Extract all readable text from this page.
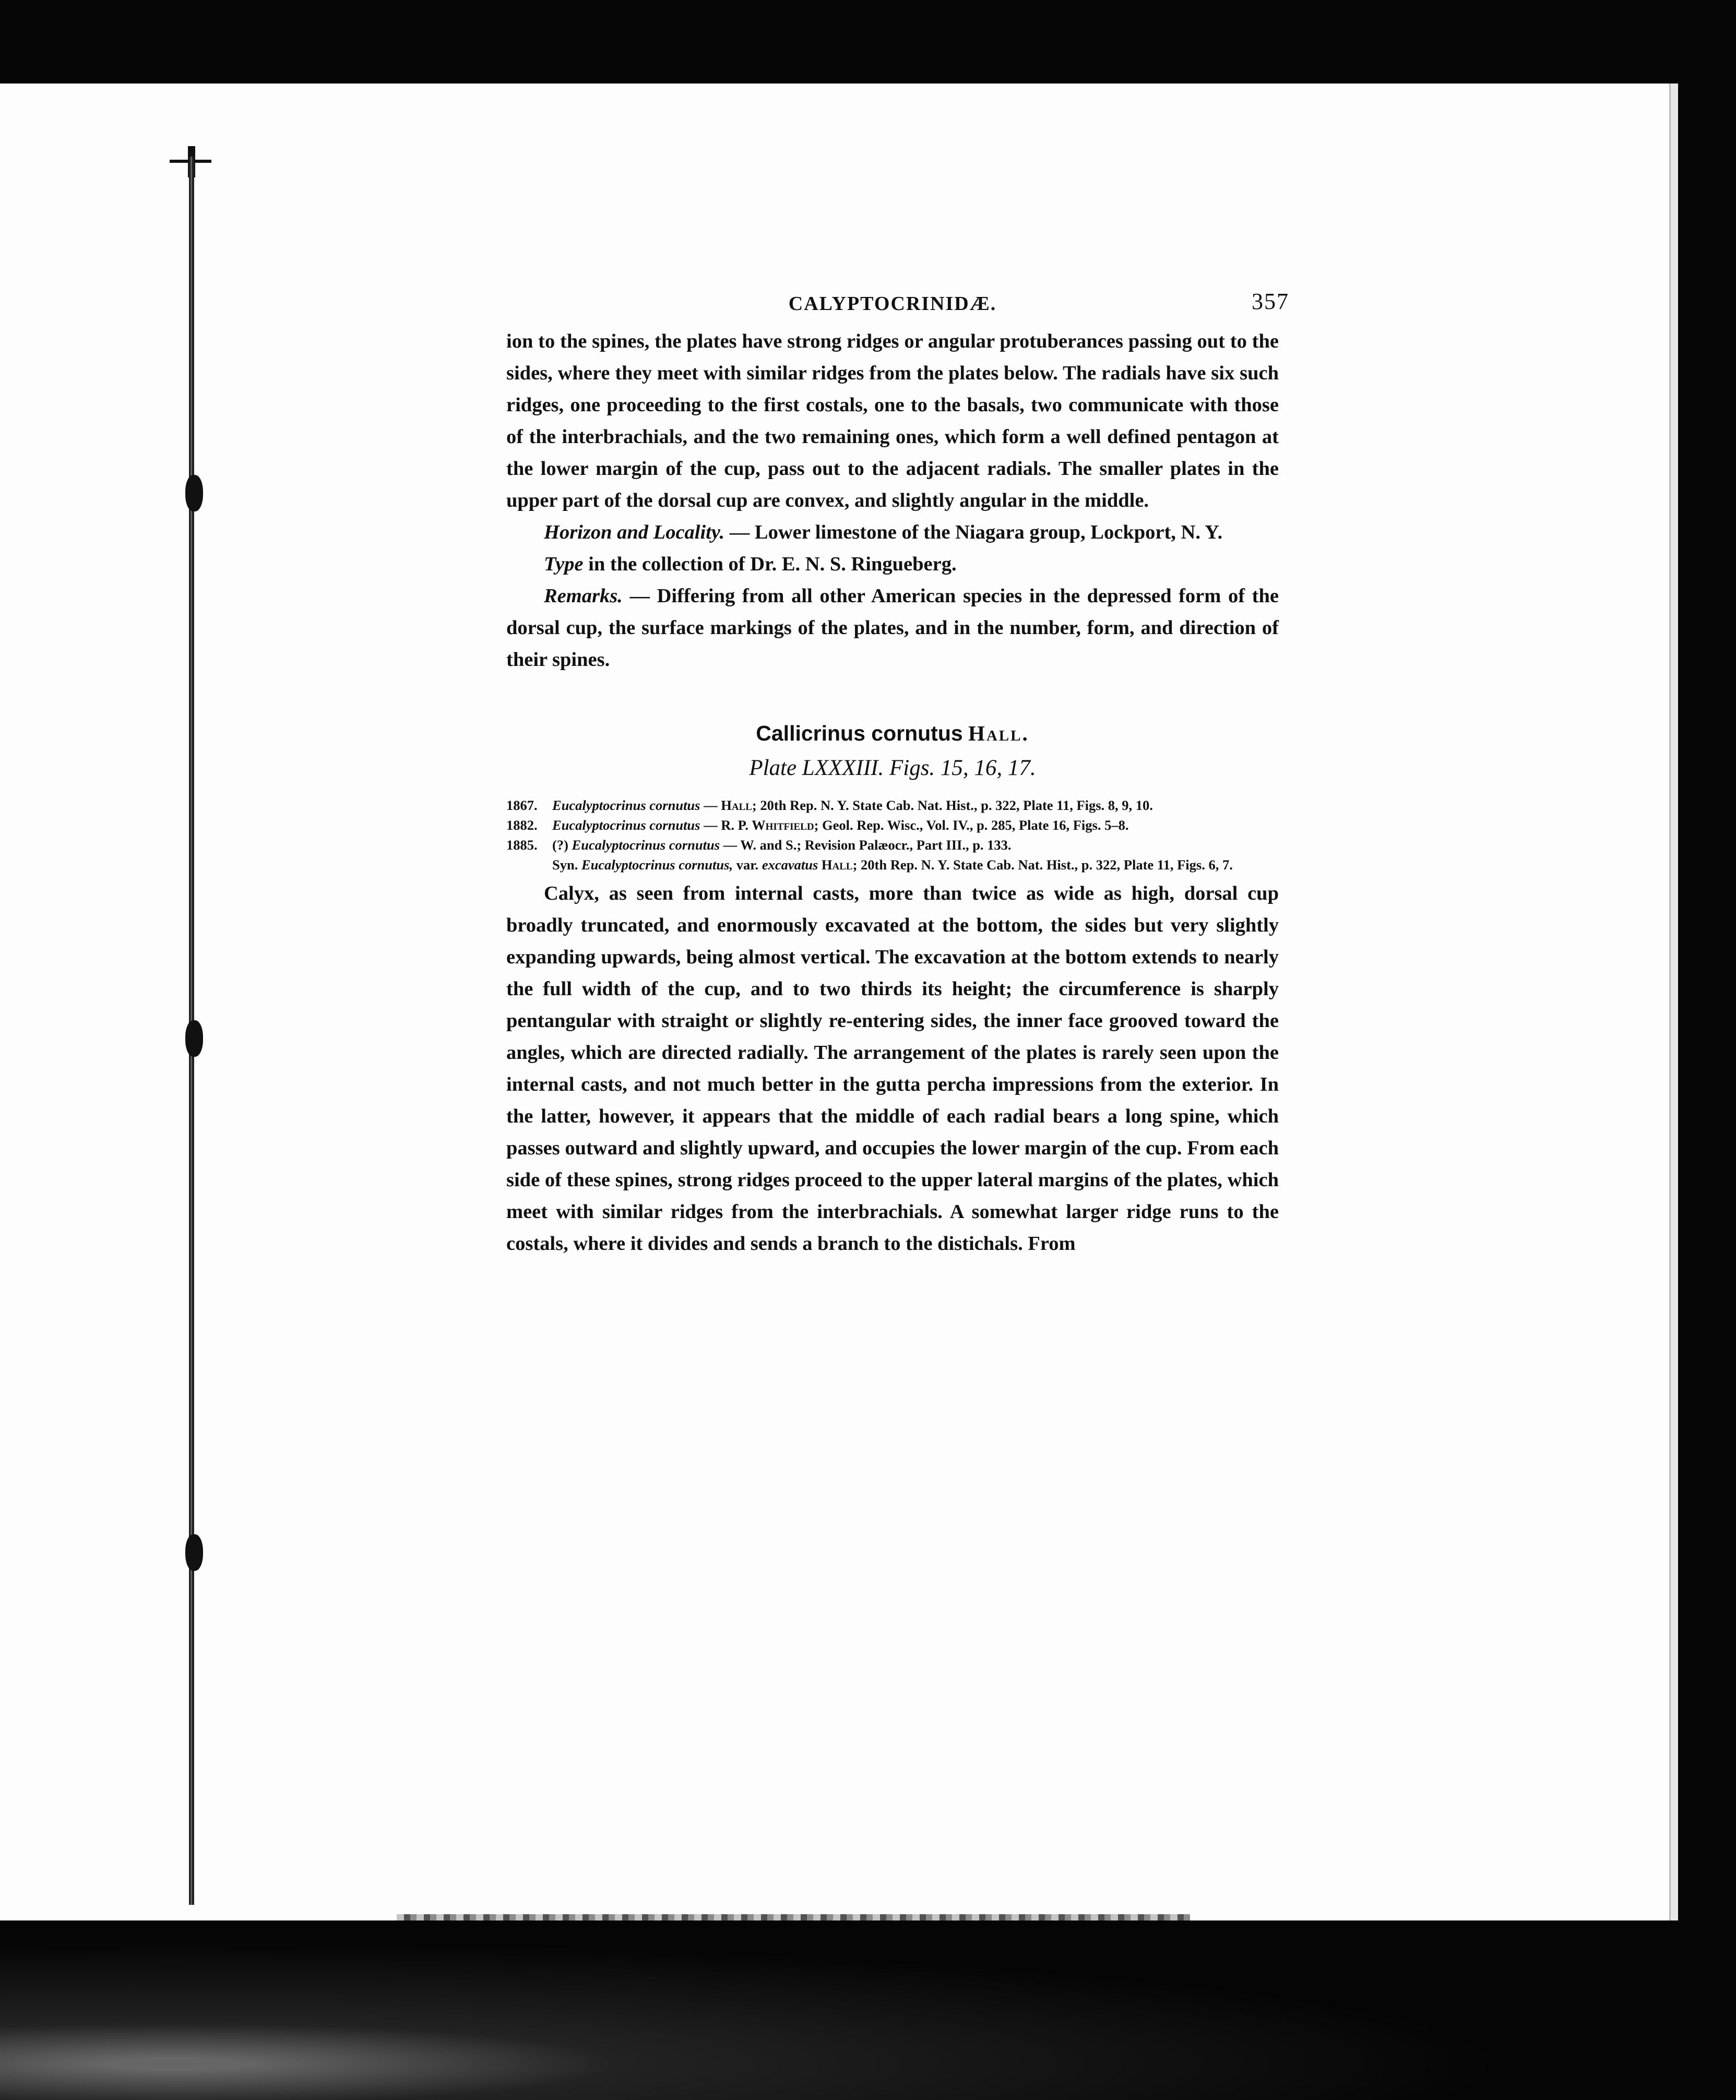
CALYPTOCRINIDÆ.	357

ion to the spines, the plates have strong ridges or angular protuberances passing out to the sides, where they meet with similar ridges from the plates below. The radials have six such ridges, one proceeding to the first costals, one to the basals, two communicate with those of the interbrachials, and the two remaining ones, which form a well defined pentagon at the lower margin of the cup, pass out to the adjacent radials. The smaller plates in the upper part of the dorsal cup are convex, and slightly angular in the middle.

Horizon and Locality. — Lower limestone of the Niagara group, Lockport, N. Y.

Type in the collection of Dr. E. N. S. Ringueberg.

Remarks. — Differing from all other American species in the depressed form of the dorsal cup, the surface markings of the plates, and in the number, form, and direction of their spines.

Callicrinus cornutus Hall.
Plate LXXXIII. Figs. 15, 16, 17.
1867.	Eucalyptocrinus cornutus — Hall; 20th Rep. N. Y. State Cab. Nat. Hist., p. 322, Plate 11, Figs. 8, 9, 10.
1882.	Eucalyptocrinus cornutus — R. P. Whitfield; Geol. Rep. Wisc., Vol. IV., p. 285, Plate 16, Figs. 5–8.
1885.	(?) Eucalyptocrinus cornutus — W. and S.; Revision Palæocr., Part III., p. 133.
Syn. Eucalyptocrinus cornutus, var. excavatus Hall; 20th Rep. N. Y. State Cab. Nat. Hist., p. 322, Plate 11, Figs. 6, 7.

Calyx, as seen from internal casts, more than twice as wide as high, dorsal cup broadly truncated, and enormously excavated at the bottom, the sides but very slightly expanding upwards, being almost vertical. The excavation at the bottom extends to nearly the full width of the cup, and to two thirds its height; the circumference is sharply pentangular with straight or slightly re-entering sides, the inner face grooved toward the angles, which are directed radially. The arrangement of the plates is rarely seen upon the internal casts, and not much better in the gutta percha impressions from the exterior. In the latter, however, it appears that the middle of each radial bears a long spine, which passes outward and slightly upward, and occupies the lower margin of the cup. From each side of these spines, strong ridges proceed to the upper lateral margins of the plates, which meet with similar ridges from the interbrachials. A somewhat larger ridge runs to the costals, where it divides and sends a branch to the distichals. From
